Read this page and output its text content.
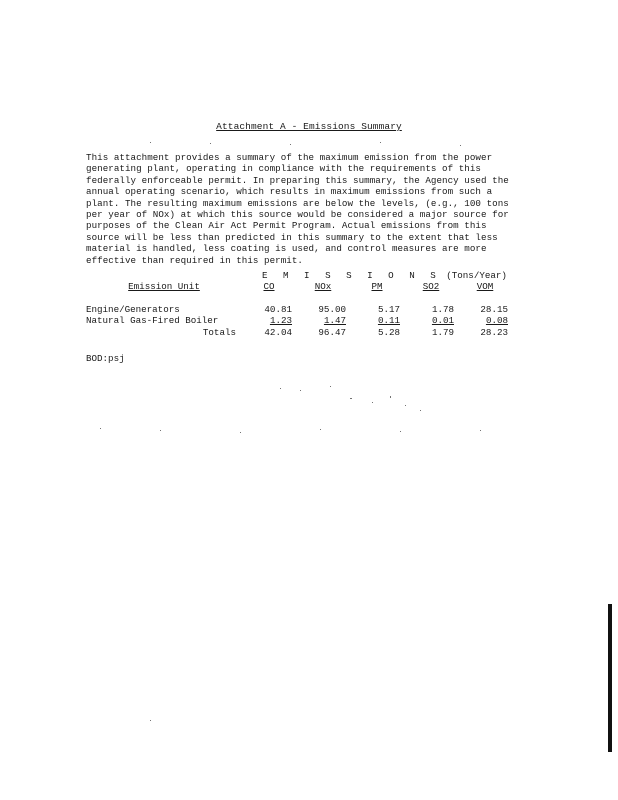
Attachment A - Emissions Summary
This attachment provides a summary of the maximum emission from the power
generating plant, operating in compliance with the requirements of this
federally enforceable permit. In preparing this summary, the Agency used the
annual operating scenario, which results in maximum emissions from such a
plant. The resulting maximum emissions are below the levels, (e.g., 100 tons
per year of NOx) at which this source would be considered a major source for
purposes of the Clean Air Act Permit Program. Actual emissions from this
source will be less than predicted in this summary to the extent that less
material is handled, less coating is used, and control measures are more
effective than required in this permit.
E M I S S I O N S (Tons/Year)
Emission Unit	CO	NOx	PM	SO2	VOM

Engine/Generators	40.81	95.00	5.17	1.78	28.15
Natural Gas-Fired Boiler	1.23	1.47	0.11	0.01	0.08
Totals	42.04	96.47	5.28	1.79	28.23
BOD:psj
